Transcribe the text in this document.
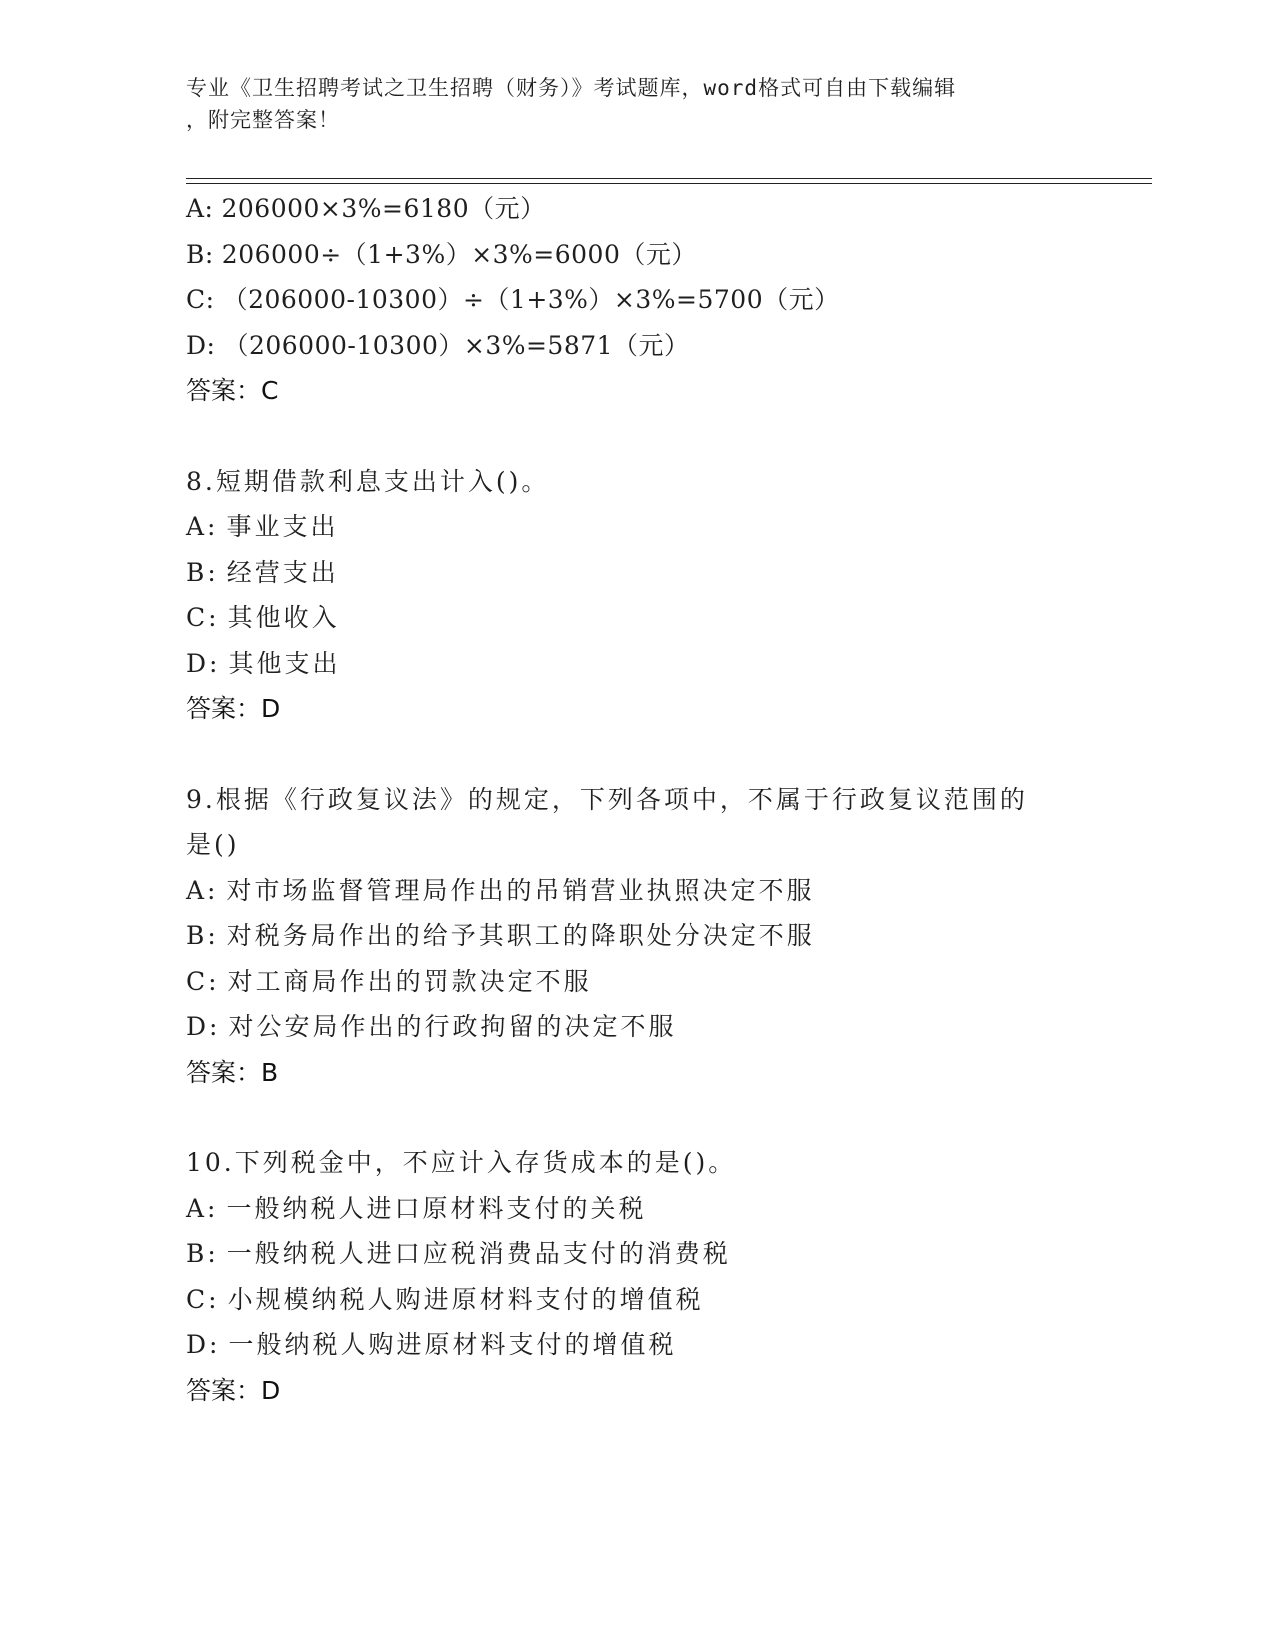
专业《卫生招聘考试之卫生招聘（财务）》考试题库，word格式可自由下载编辑
，附完整答案！
A: 206000×3%=6180（元）
B: 206000÷（1+3%）×3%=6000（元）
C: （206000-10300）÷（1+3%）×3%=5700（元）
D: （206000-10300）×3%=5871（元）
答案：C
8.短期借款利息支出计入()。
A: 事业支出
B: 经营支出
C: 其他收入
D: 其他支出
答案：D
9.根据《行政复议法》的规定，下列各项中，不属于行政复议范围的
是()
A: 对市场监督管理局作出的吊销营业执照决定不服
B: 对税务局作出的给予其职工的降职处分决定不服
C: 对工商局作出的罚款决定不服
D: 对公安局作出的行政拘留的决定不服
答案：B
10.下列税金中，不应计入存货成本的是()。
A: 一般纳税人进口原材料支付的关税
B: 一般纳税人进口应税消费品支付的消费税
C: 小规模纳税人购进原材料支付的增值税
D: 一般纳税人购进原材料支付的增值税
答案：D
